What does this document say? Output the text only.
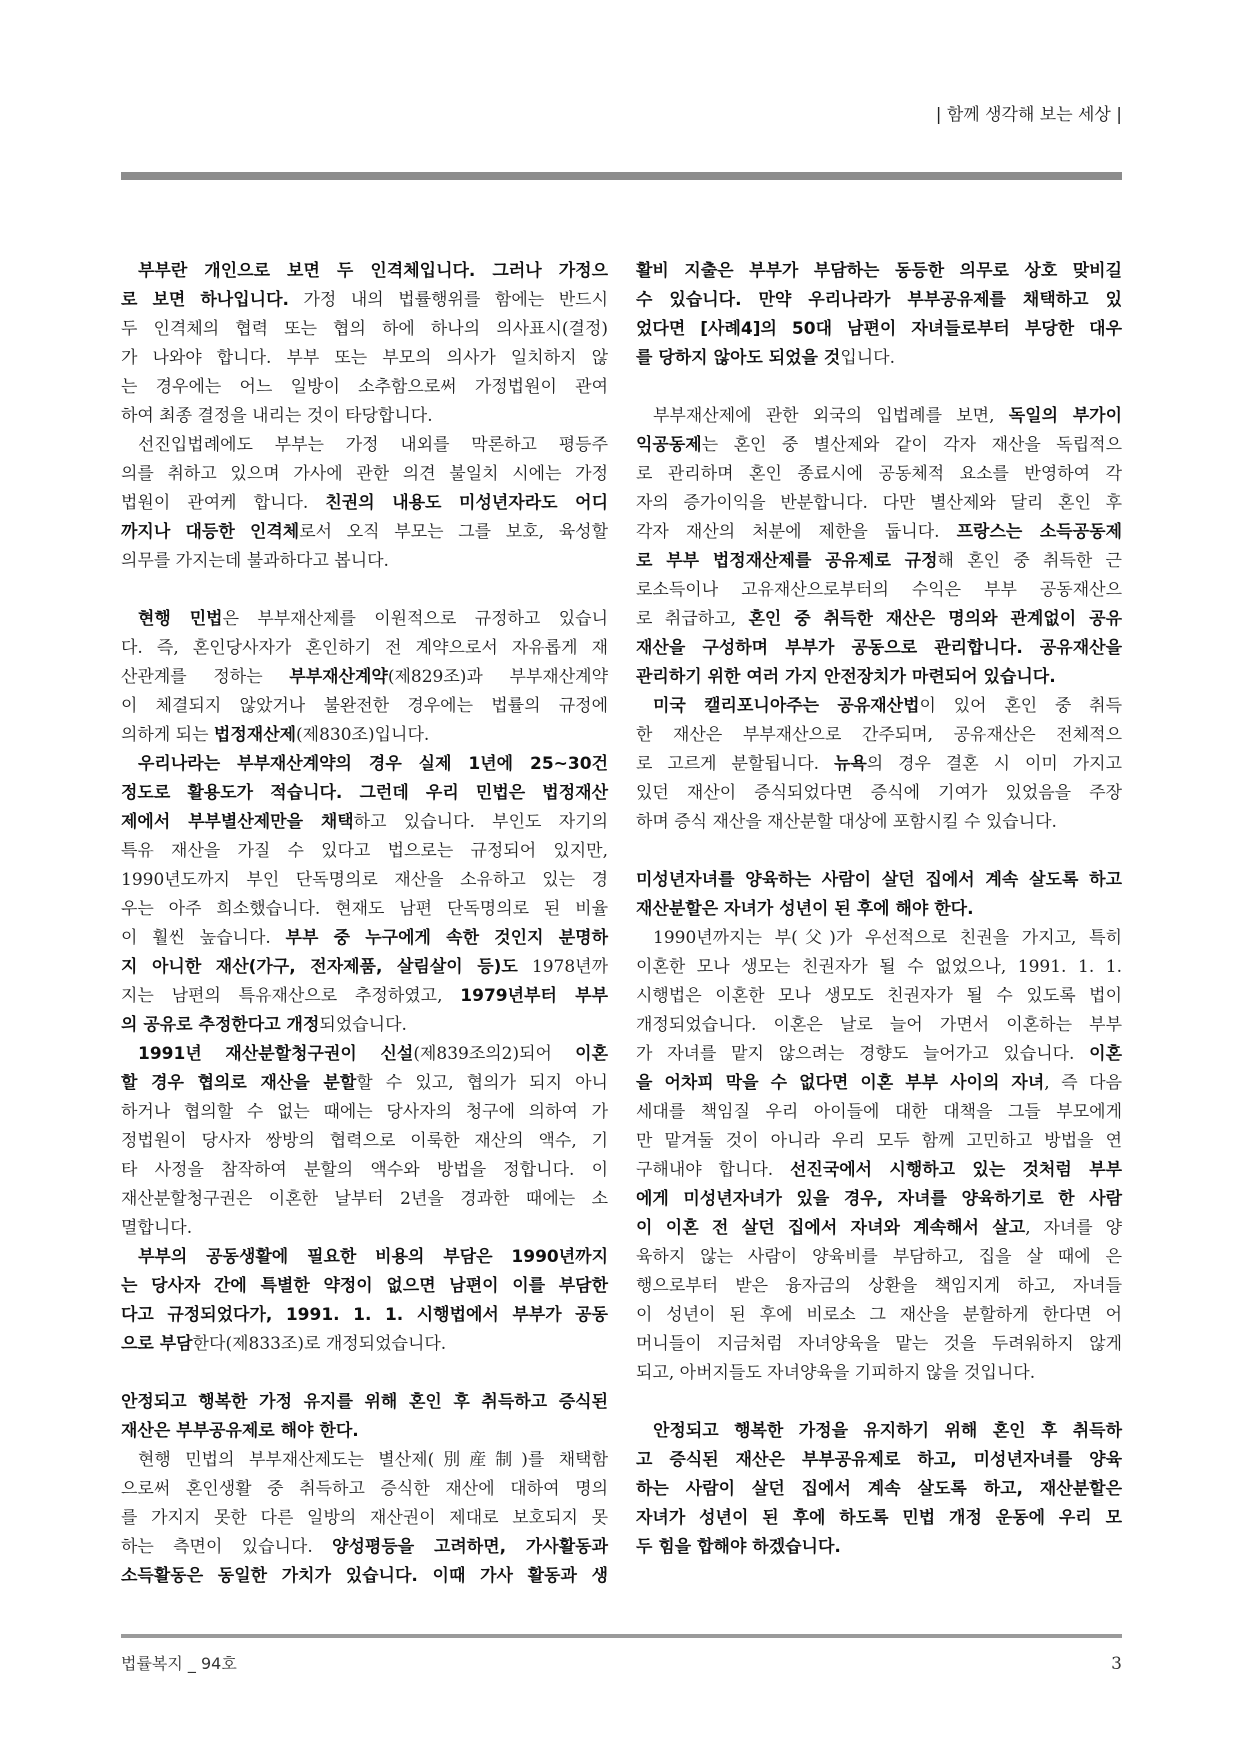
| 함께 생각해 보는 세상 |
부부란 개인으로 보면 두 인격체입니다. 그러나 가정으
로 보면 하나입니다. 가정 내의 법률행위를 함에는 반드시
두 인격체의 협력 또는 협의 하에 하나의 의사표시(결정)
가 나와야 합니다. 부부 또는 부모의 의사가 일치하지 않
는 경우에는 어느 일방이 소추함으로써 가정법원이 관여
하여 최종 결정을 내리는 것이 타당합니다.
선진입법례에도 부부는 가정 내외를 막론하고 평등주
의를 취하고 있으며 가사에 관한 의견 불일치 시에는 가정
법원이 관여케 합니다. 친권의 내용도 미성년자라도 어디
까지나 대등한 인격체로서 오직 부모는 그를 보호, 육성할
의무를 가지는데 불과하다고 봅니다.
현행 민법은 부부재산제를 이원적으로 규정하고 있습니
다. 즉, 혼인당사자가 혼인하기 전 계약으로서 자유롭게 재
산관계를 정하는 부부재산계약(제829조)과 부부재산계약
이 체결되지 않았거나 불완전한 경우에는 법률의 규정에
의하게 되는 법정재산제(제830조)입니다.
우리나라는 부부재산계약의 경우 실제 1년에 25~30건
정도로 활용도가 적습니다. 그런데 우리 민법은 법정재산
제에서 부부별산제만을 채택하고 있습니다. 부인도 자기의
특유 재산을 가질 수 있다고 법으로는 규정되어 있지만,
1990년도까지 부인 단독명의로 재산을 소유하고 있는 경
우는 아주 희소했습니다. 현재도 남편 단독명의로 된 비율
이 훨씬 높습니다. 부부 중 누구에게 속한 것인지 분명하
지 아니한 재산(가구, 전자제품, 살림살이 등)도 1978년까
지는 남편의 특유재산으로 추정하였고, 1979년부터 부부
의 공유로 추정한다고 개정되었습니다.
1991년 재산분할청구권이 신설(제839조의2)되어 이혼
할 경우 협의로 재산을 분할할 수 있고, 협의가 되지 아니
하거나 협의할 수 없는 때에는 당사자의 청구에 의하여 가
정법원이 당사자 쌍방의 협력으로 이룩한 재산의 액수, 기
타 사정을 참작하여 분할의 액수와 방법을 정합니다. 이
재산분할청구권은 이혼한 날부터 2년을 경과한 때에는 소
멸합니다.
부부의 공동생활에 필요한 비용의 부담은 1990년까지
는 당사자 간에 특별한 약정이 없으면 남편이 이를 부담한
다고 규정되었다가, 1991. 1. 1. 시행법에서 부부가 공동
으로 부담한다(제833조)로 개정되었습니다.
안정되고 행복한 가정 유지를 위해 혼인 후 취득하고 증식된
재산은 부부공유제로 해야 한다.
현행 민법의 부부재산제도는 별산제(別産制)를 채택함
으로써 혼인생활 중 취득하고 증식한 재산에 대하여 명의
를 가지지 못한 다른 일방의 재산권이 제대로 보호되지 못
하는 측면이 있습니다. 양성평등을 고려하면, 가사활동과
소득활동은 동일한 가치가 있습니다. 이때 가사 활동과 생
활비 지출은 부부가 부담하는 동등한 의무로 상호 맞비길
수 있습니다. 만약 우리나라가 부부공유제를 채택하고 있
었다면 [사례4]의 50대 남편이 자녀들로부터 부당한 대우
를 당하지 않아도 되었을 것입니다.
부부재산제에 관한 외국의 입법례를 보면, 독일의 부가이
익공동제는 혼인 중 별산제와 같이 각자 재산을 독립적으
로 관리하며 혼인 종료시에 공동체적 요소를 반영하여 각
자의 증가이익을 반분합니다. 다만 별산제와 달리 혼인 후
각자 재산의 처분에 제한을 둡니다. 프랑스는 소득공동제
로 부부 법정재산제를 공유제로 규정해 혼인 중 취득한 근
로소득이나 고유재산으로부터의 수익은 부부 공동재산으
로 취급하고, 혼인 중 취득한 재산은 명의와 관계없이 공유
재산을 구성하며 부부가 공동으로 관리합니다. 공유재산을
관리하기 위한 여러 가지 안전장치가 마련되어 있습니다.
미국 캘리포니아주는 공유재산법이 있어 혼인 중 취득
한 재산은 부부재산으로 간주되며, 공유재산은 전체적으
로 고르게 분할됩니다. 뉴욕의 경우 결혼 시 이미 가지고
있던 재산이 증식되었다면 증식에 기여가 있었음을 주장
하며 증식 재산을 재산분할 대상에 포함시킬 수 있습니다.
미성년자녀를 양육하는 사람이 살던 집에서 계속 살도록 하고
재산분할은 자녀가 성년이 된 후에 해야 한다.
1990년까지는 부(父)가 우선적으로 친권을 가지고, 특히
이혼한 모나 생모는 친권자가 될 수 없었으나, 1991. 1. 1.
시행법은 이혼한 모나 생모도 친권자가 될 수 있도록 법이
개정되었습니다. 이혼은 날로 늘어 가면서 이혼하는 부부
가 자녀를 맡지 않으려는 경향도 늘어가고 있습니다. 이혼
을 어차피 막을 수 없다면 이혼 부부 사이의 자녀, 즉 다음
세대를 책임질 우리 아이들에 대한 대책을 그들 부모에게
만 맡겨둘 것이 아니라 우리 모두 함께 고민하고 방법을 연
구해내야 합니다. 선진국에서 시행하고 있는 것처럼 부부
에게 미성년자녀가 있을 경우, 자녀를 양육하기로 한 사람
이 이혼 전 살던 집에서 자녀와 계속해서 살고, 자녀를 양
육하지 않는 사람이 양육비를 부담하고, 집을 살 때에 은
행으로부터 받은 융자금의 상환을 책임지게 하고, 자녀들
이 성년이 된 후에 비로소 그 재산을 분할하게 한다면 어
머니들이 지금처럼 자녀양육을 맡는 것을 두려워하지 않게
되고, 아버지들도 자녀양육을 기피하지 않을 것입니다.
안정되고 행복한 가정을 유지하기 위해 혼인 후 취득하
고 증식된 재산은 부부공유제로 하고, 미성년자녀를 양육
하는 사람이 살던 집에서 계속 살도록 하고, 재산분할은
자녀가 성년이 된 후에 하도록 민법 개정 운동에 우리 모
두 힘을 합해야 하겠습니다.
법률복지 _ 94호	3
